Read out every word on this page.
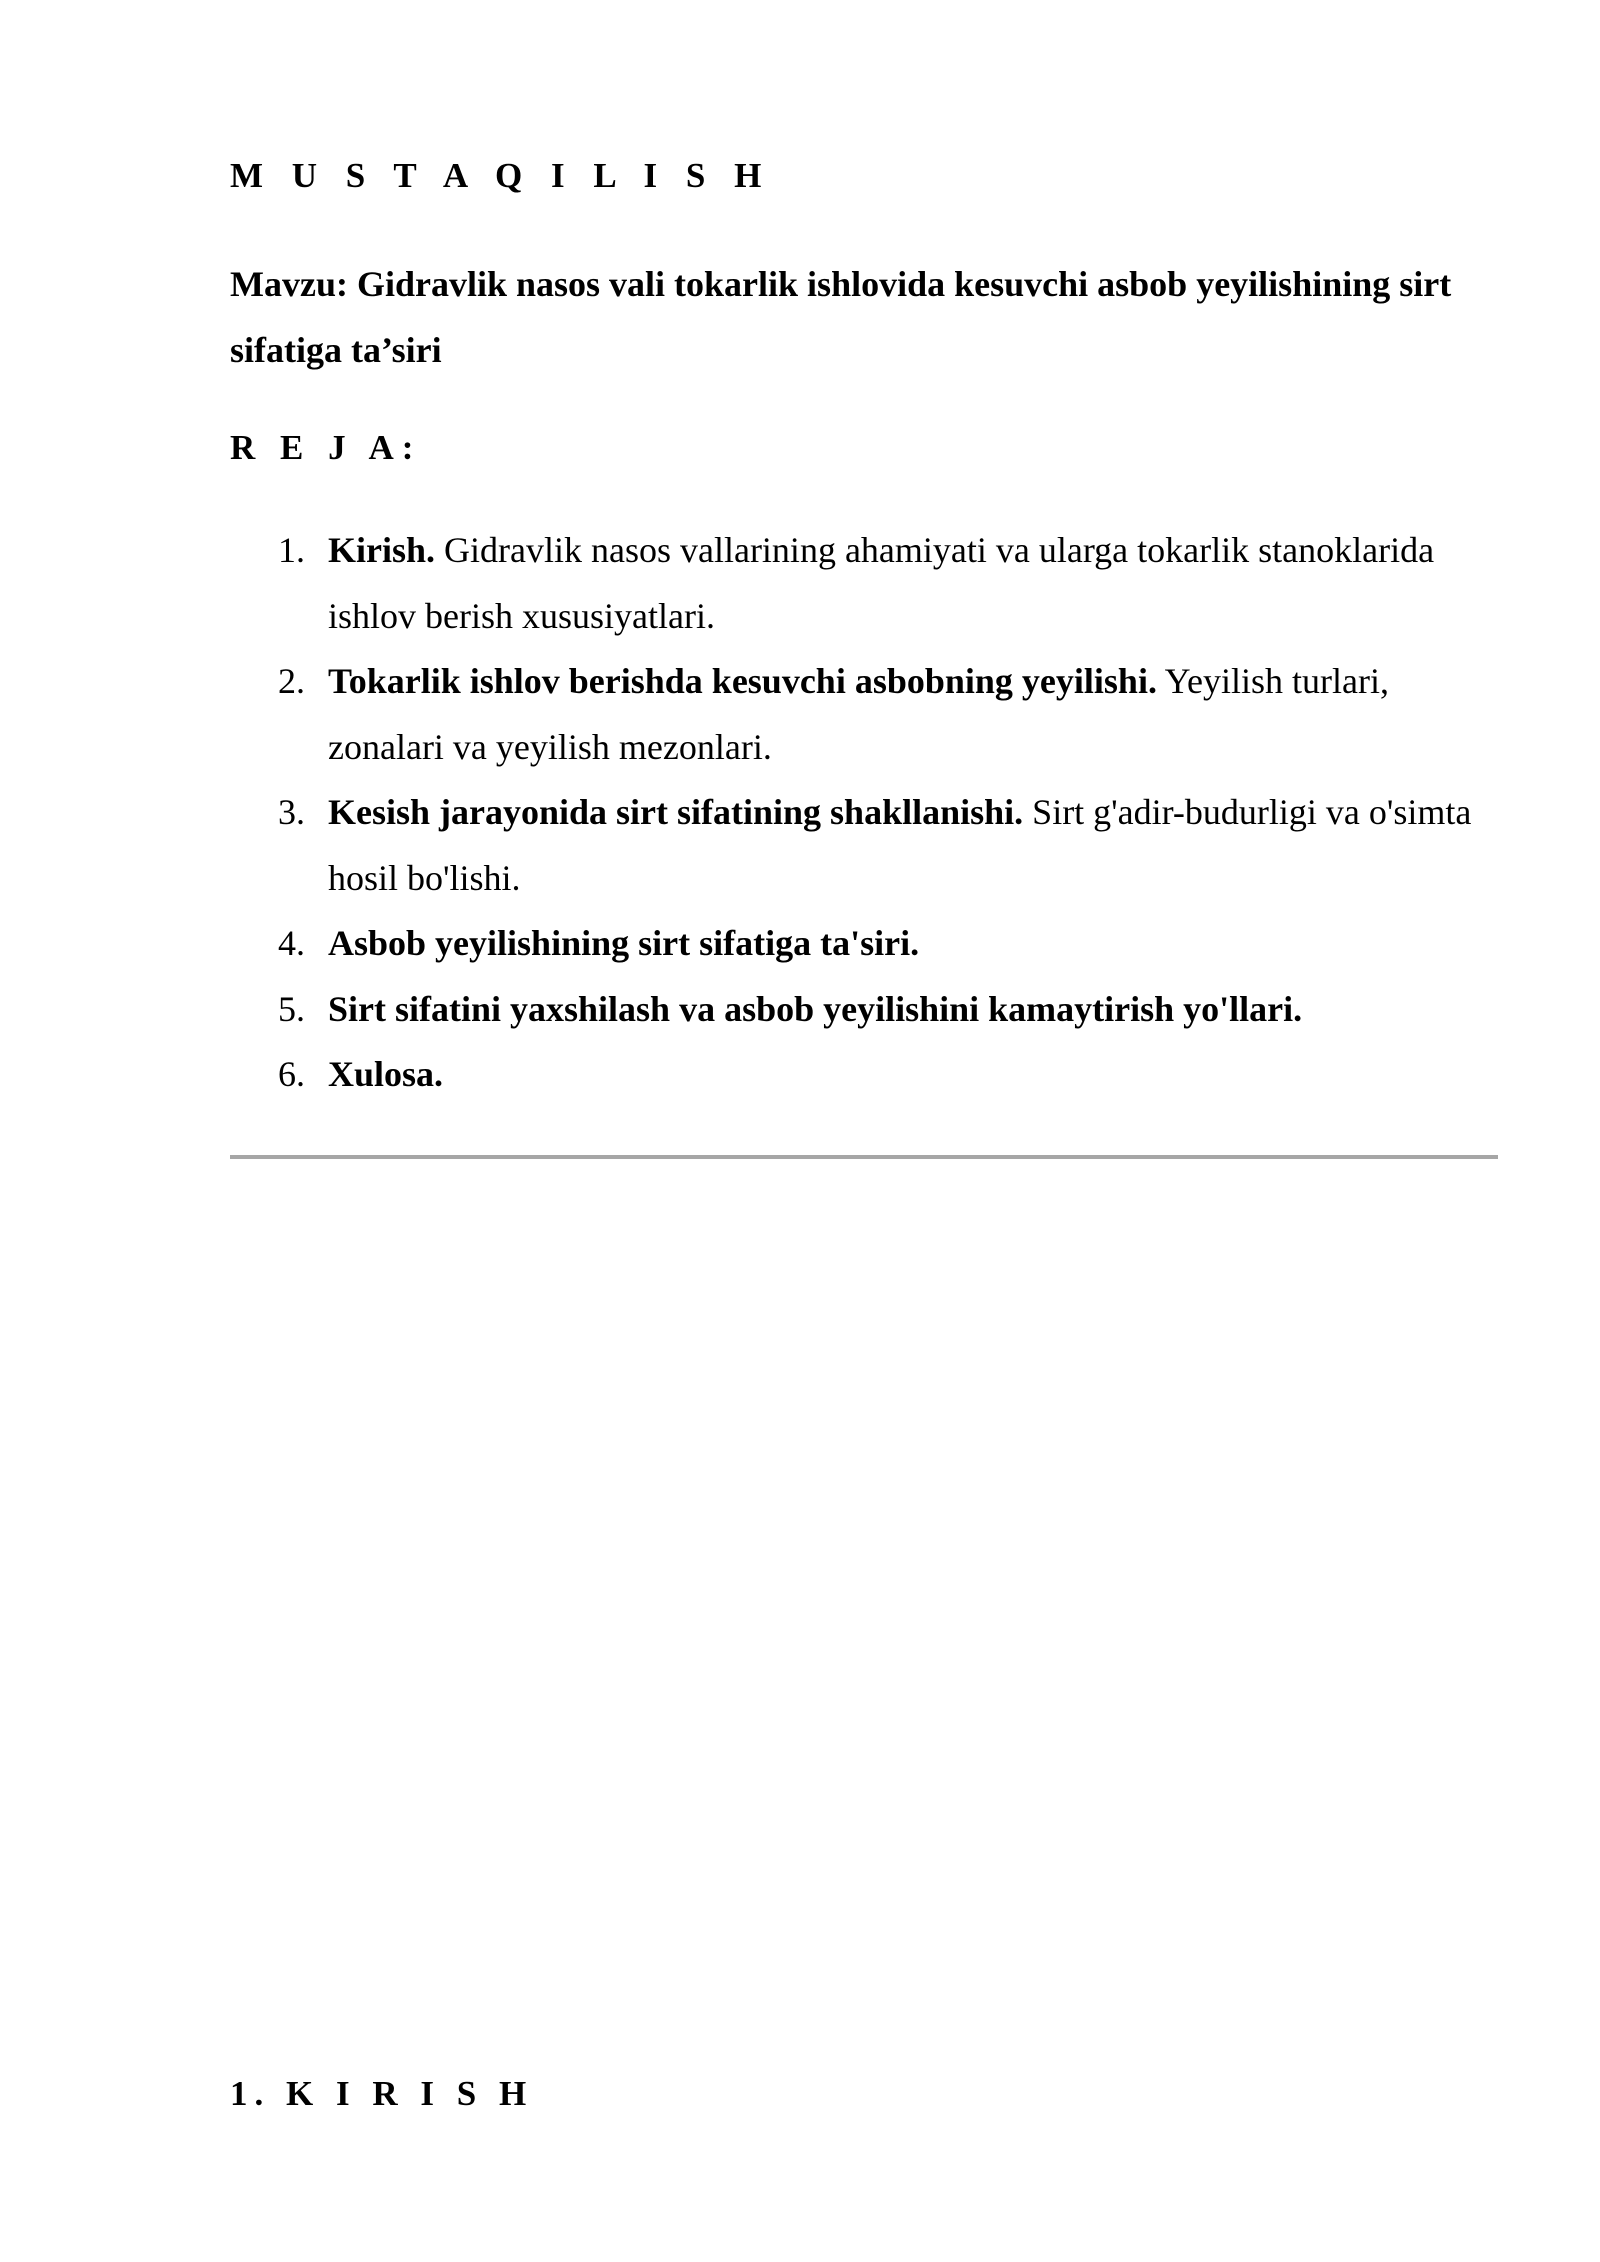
M U S T A Q I L I S H
Mavzu: Gidravlik nasos vali tokarlik ishlovida kesuvchi asbob yeyilishining sirt sifatiga ta’siri
R E J A:
1. Kirish. Gidravlik nasos vallarining ahamiyati va ularga tokarlik stanoklarida ishlov berish xususiyatlari.
2. Tokarlik ishlov berishda kesuvchi asbobning yeyilishi. Yeyilish turlari, zonalari va yeyilish mezonlari.
3. Kesish jarayonida sirt sifatining shakllanishi. Sirt g'adir-budurligi va o'simta hosil bo'lishi.
4. Asbob yeyilishining sirt sifatiga ta'siri.
5. Sirt sifatini yaxshilash va asbob yeyilishini kamaytirish yo'llari.
6. Xulosa.
1. K I R I S H
